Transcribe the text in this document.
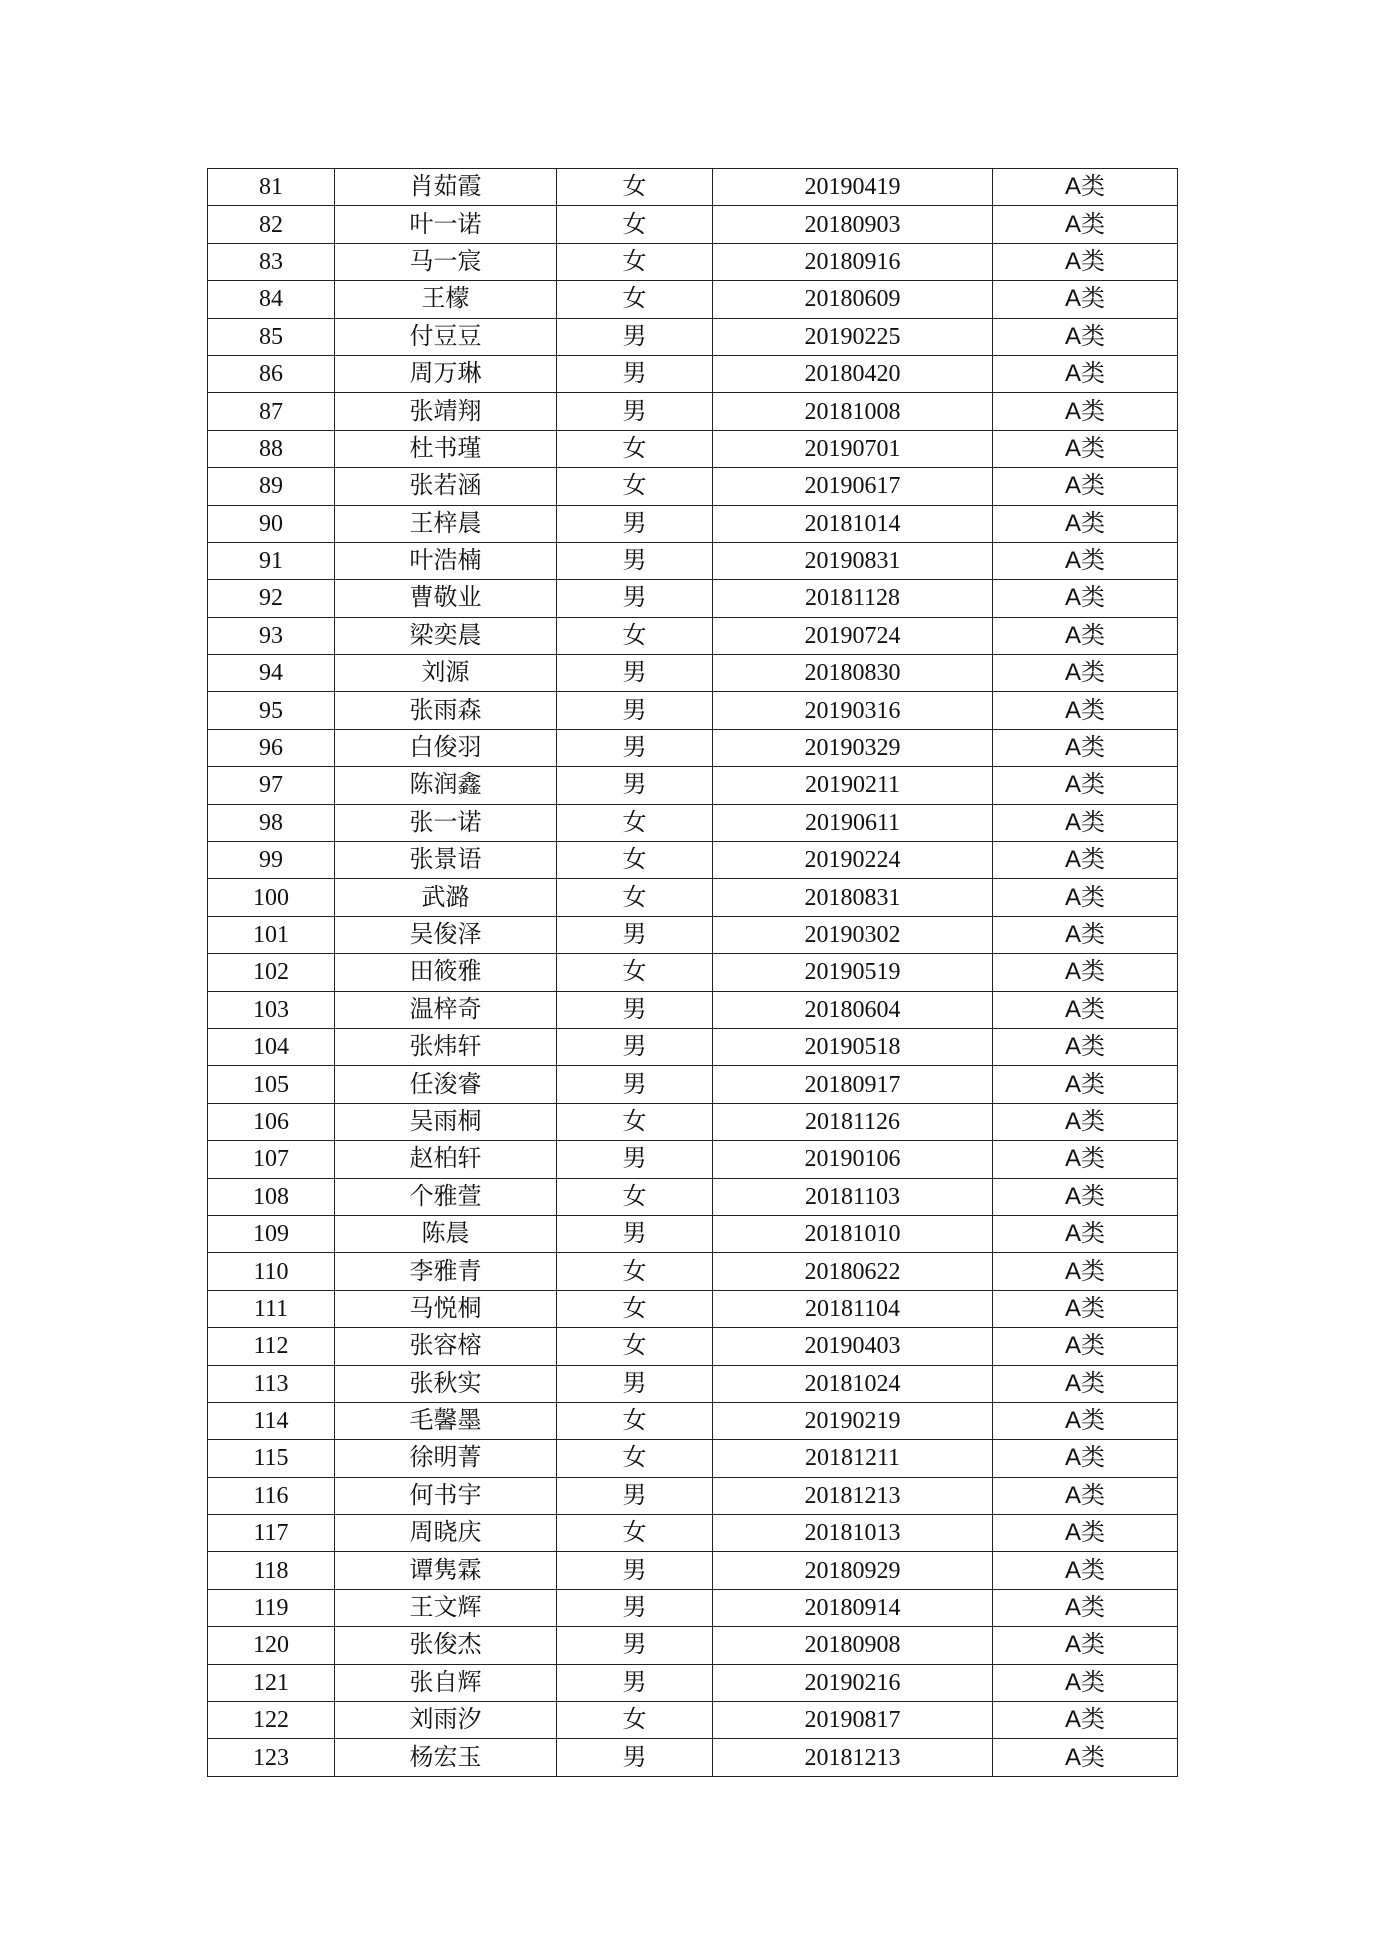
81	肖茹霞	女	20190419	A类
82	叶一诺	女	20180903	A类
83	马一宸	女	20180916	A类
84	王檬	女	20180609	A类
85	付豆豆	男	20190225	A类
86	周万琳	男	20180420	A类
87	张靖翔	男	20181008	A类
88	杜书瑾	女	20190701	A类
89	张若涵	女	20190617	A类
90	王梓晨	男	20181014	A类
91	叶浩楠	男	20190831	A类
92	曹敬业	男	20181128	A类
93	梁奕晨	女	20190724	A类
94	刘源	男	20180830	A类
95	张雨森	男	20190316	A类
96	白俊羽	男	20190329	A类
97	陈润鑫	男	20190211	A类
98	张一诺	女	20190611	A类
99	张景语	女	20190224	A类
100	武潞	女	20180831	A类
101	吴俊泽	男	20190302	A类
102	田筱雅	女	20190519	A类
103	温梓奇	男	20180604	A类
104	张炜轩	男	20190518	A类
105	任浚睿	男	20180917	A类
106	吴雨桐	女	20181126	A类
107	赵柏轩	男	20190106	A类
108	个雅萱	女	20181103	A类
109	陈晨	男	20181010	A类
110	李雅青	女	20180622	A类
111	马悦桐	女	20181104	A类
112	张容榕	女	20190403	A类
113	张秋实	男	20181024	A类
114	毛馨墨	女	20190219	A类
115	徐明菁	女	20181211	A类
116	何书宇	男	20181213	A类
117	周晓庆	女	20181013	A类
118	谭隽霖	男	20180929	A类
119	王文辉	男	20180914	A类
120	张俊杰	男	20180908	A类
121	张自辉	男	20190216	A类
122	刘雨汐	女	20190817	A类
123	杨宏玉	男	20181213	A类
